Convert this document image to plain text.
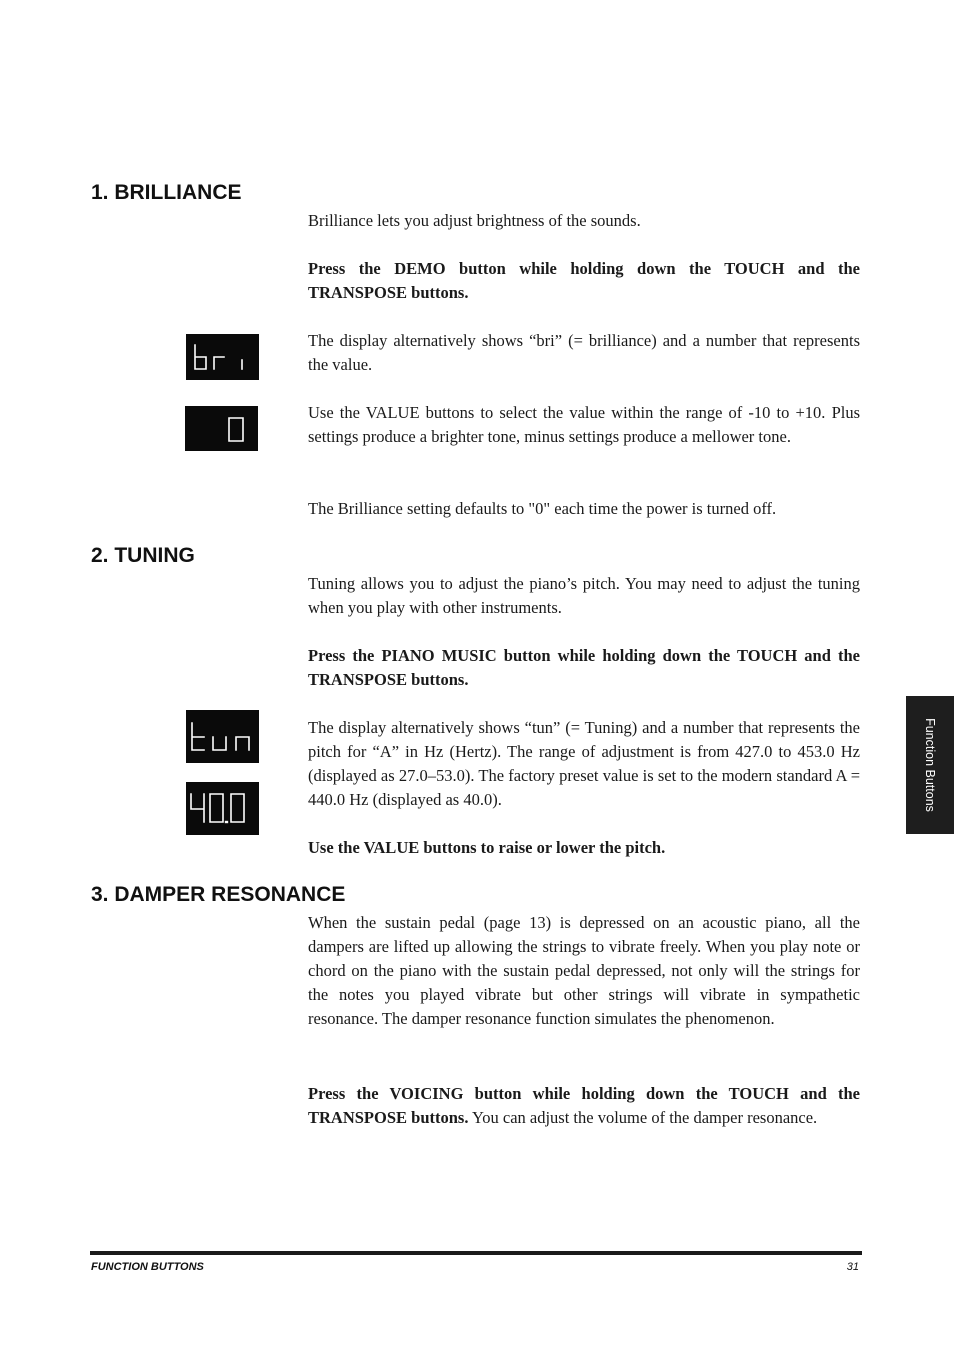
1. BRILLIANCE

Brilliance lets you adjust brightness of the sounds.

Press the DEMO button while holding down the TOUCH and the TRANSPOSE buttons.

The display alternatively shows “bri” (= brilliance) and a number that represents the value.

Use the VALUE buttons to select the value within the range of -10 to +10. Plus settings produce a brighter tone, minus settings produce a mellower tone.

The Brilliance setting defaults to "0" each time the power is turned off.

2. TUNING

Tuning allows you to adjust the piano’s pitch. You may need to adjust the tuning when you play with other instruments.

Press the PIANO MUSIC button while holding down the TOUCH and the TRANSPOSE buttons.

The display alternatively shows “tun” (= Tuning) and a number that represents the pitch for “A” in Hz (Hertz). The range of adjustment is from 427.0 to 453.0 Hz (displayed as 27.0–53.0). The factory preset value is set to the modern standard A = 440.0 Hz (displayed as 40.0).

Use the VALUE buttons to raise or lower the pitch.

3. DAMPER RESONANCE

When the sustain pedal (page 13) is depressed on an acoustic piano, all the dampers are lifted up allowing the strings to vibrate freely. When you play note or chord on the piano with the sustain pedal depressed, not only will the strings for the notes you played vibrate but other strings will vibrate in sympathetic resonance. The damper resonance function simulates the phenomenon.

Press the VOICING button while holding down the TOUCH and the TRANSPOSE buttons. You can adjust the volume of the damper resonance.

Function Buttons
FUNCTION BUTTONS	31
